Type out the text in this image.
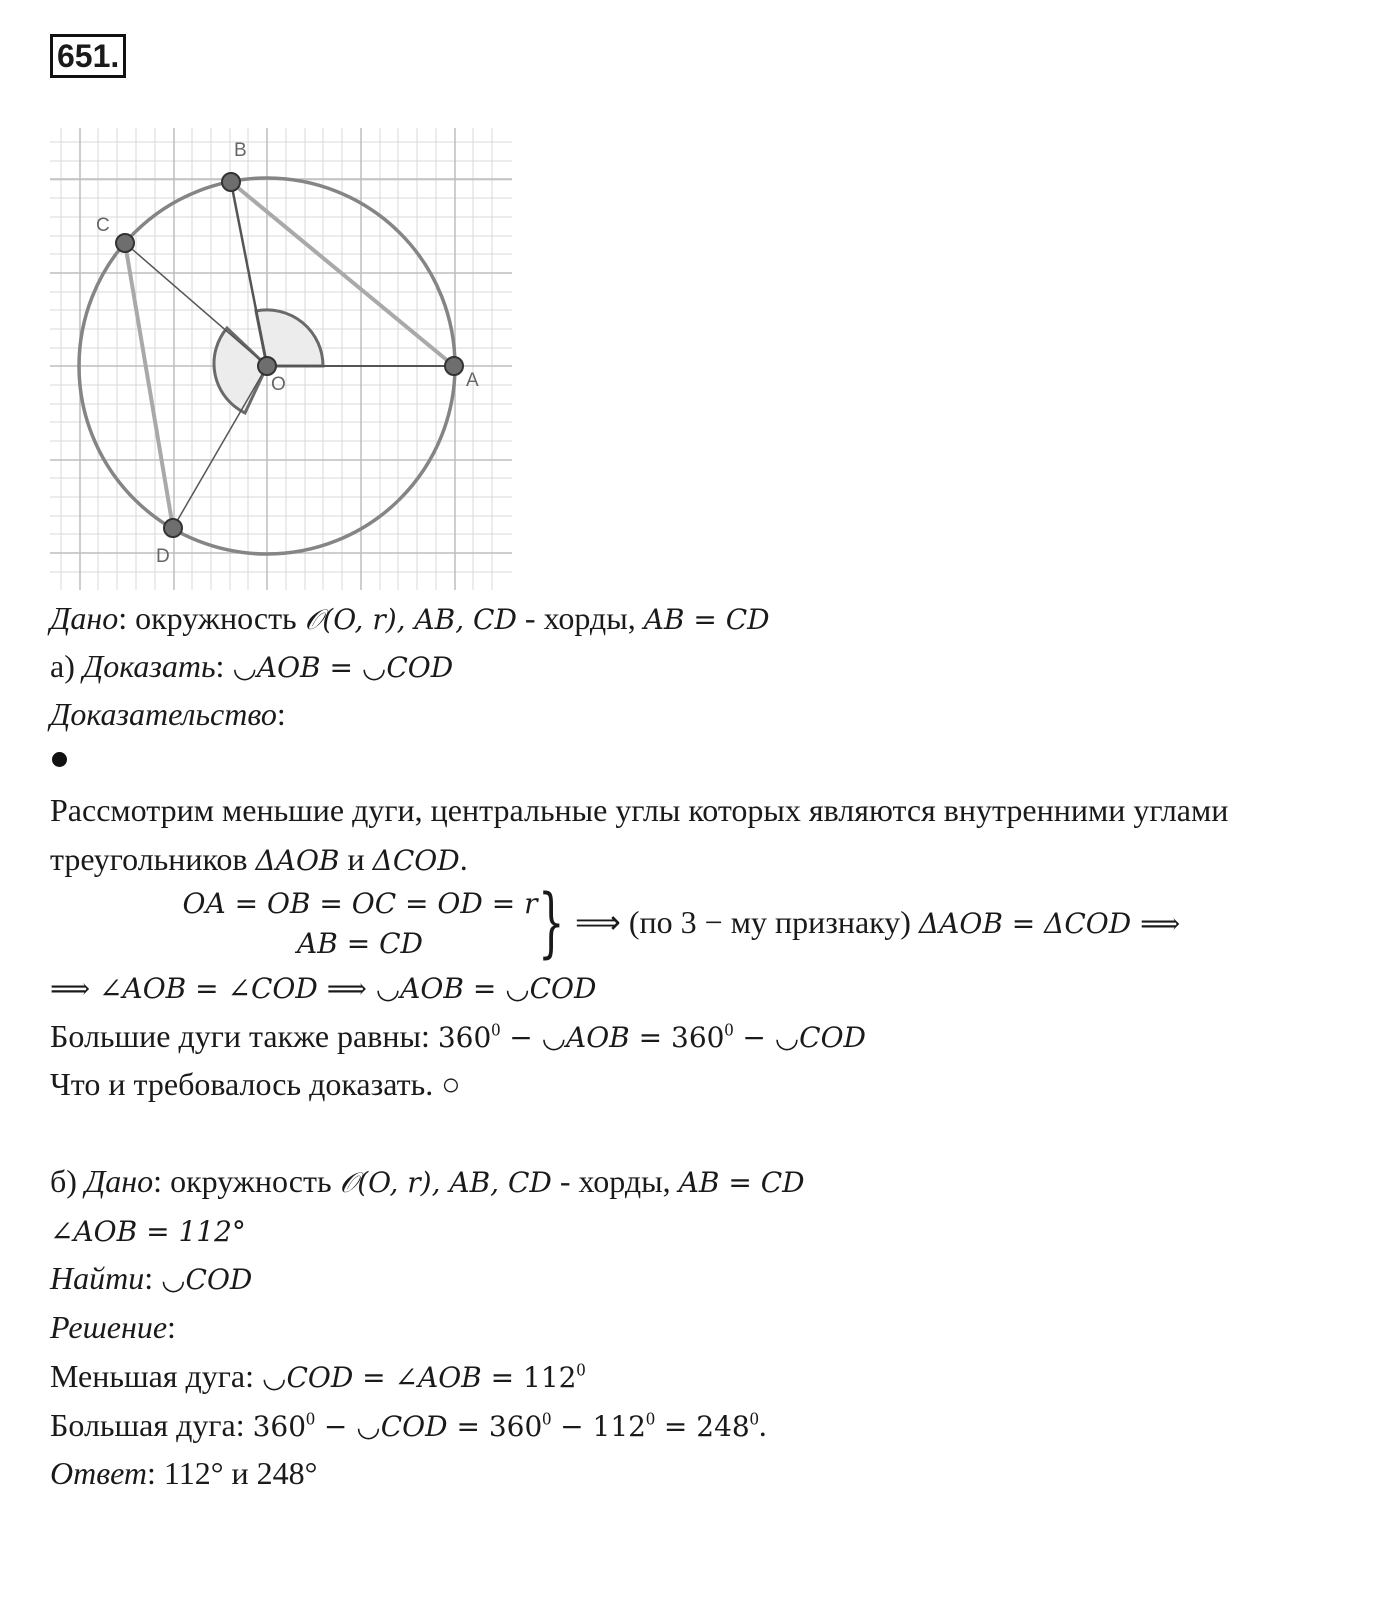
651.
A
B
C
D
O
Дано: окружность 𝒪(O, r), AB, CD - хорды, AB = CD
а) Доказать: ◡AOB = ◡COD
Доказательство:
Рассмотрим меньшие дуги, центральные углы которых являются внутренними углами
треугольников ΔAOB и ΔCOD.
OA = OB = OC = OD = r
AB = CD	} ⟹ (по 3 − му признаку) ΔAOB = ΔCOD ⟹
⟹ ∠AOB = ∠COD ⟹ ◡AOB = ◡COD
Большие дуги также равны: $360^0$ − ◡AOB = $360^0$ − ◡COD
Что и требовалось доказать. ○
б) Дано: окружность 𝒪(O, r), AB, CD - хорды, AB = CD
∠AOB = 112°
Найти: ◡COD
Решение:
Меньшая дуга: ◡COD = ∠AOB = $112^0$
Большая дуга: $360^0$ − ◡COD = $360^0 - 112^0 = 248^0$.
Ответ: 112° и 248°
